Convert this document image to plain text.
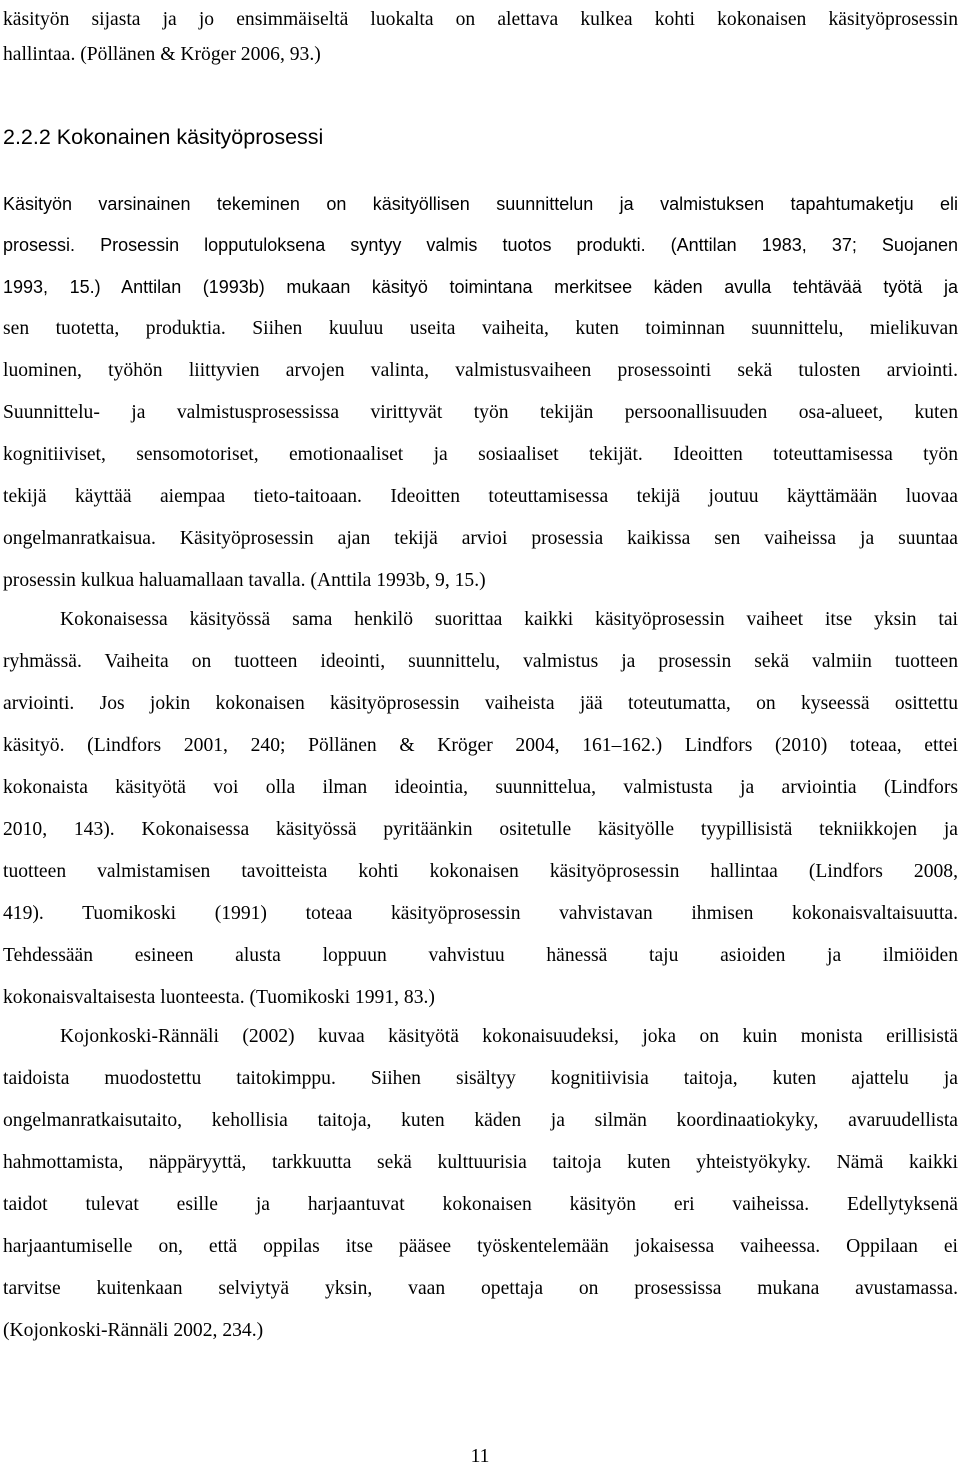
käsityön sijasta ja jo ensimmäiseltä luokalta on alettava kulkea kohti kokonaisen käsityöprosessin
hallintaa. (Pöllänen & Kröger 2006, 93.)
2.2.2 Kokonainen käsityöprosessi
Käsityön varsinainen tekeminen on käsityöllisen suunnittelun ja valmistuksen tapahtumaketju eli
prosessi. Prosessin lopputuloksena syntyy valmis tuotos produkti. (Anttilan 1983, 37; Suojanen
1993, 15.) Anttilan (1993b) mukaan käsityö toimintana merkitsee käden avulla tehtävää työtä ja
sen tuotetta, produktia. Siihen kuuluu useita vaiheita, kuten toiminnan suunnittelu, mielikuvan
luominen, työhön liittyvien arvojen valinta, valmistusvaiheen prosessointi sekä tulosten arviointi.
Suunnittelu- ja valmistusprosessissa virittyvät työn tekijän persoonallisuuden osa-alueet, kuten
kognitiiviset, sensomotoriset, emotionaaliset ja sosiaaliset tekijät. Ideoitten toteuttamisessa työn
tekijä käyttää aiempaa tieto-taitoaan. Ideoitten toteuttamisessa tekijä joutuu käyttämään luovaa
ongelmanratkaisua. Käsityöprosessin ajan tekijä arvioi prosessia kaikissa sen vaiheissa ja suuntaa
prosessin kulkua haluamallaan tavalla. (Anttila 1993b, 9, 15.)
Kokonaisessa käsityössä sama henkilö suorittaa kaikki käsityöprosessin vaiheet itse yksin tai
ryhmässä. Vaiheita on tuotteen ideointi, suunnittelu, valmistus ja prosessin sekä valmiin tuotteen
arviointi. Jos jokin kokonaisen käsityöprosessin vaiheista jää toteutumatta, on kyseessä osittettu
käsityö. (Lindfors 2001, 240; Pöllänen & Kröger 2004, 161–162.) Lindfors (2010) toteaa, ettei
kokonaista käsityötä voi olla ilman ideointia, suunnittelua, valmistusta ja arviointia (Lindfors
2010, 143). Kokonaisessa käsityössä pyritäänkin ositetulle käsityölle tyypillisistä tekniikkojen ja
tuotteen valmistamisen tavoitteista kohti kokonaisen käsityöprosessin hallintaa (Lindfors 2008,
419). Tuomikoski (1991) toteaa käsityöprosessin vahvistavan ihmisen kokonaisvaltaisuutta.
Tehdessään esineen alusta loppuun vahvistuu hänessä taju asioiden ja ilmiöiden
kokonaisvaltaisesta luonteesta. (Tuomikoski 1991, 83.)
Kojonkoski-Rännäli (2002) kuvaa käsityötä kokonaisuudeksi, joka on kuin monista erillisistä
taidoista muodostettu taitokimppu. Siihen sisältyy kognitiivisia taitoja, kuten ajattelu ja
ongelmanratkaisutaito, kehollisia taitoja, kuten käden ja silmän koordinaatiokyky, avaruudellista
hahmottamista, näppäryyttä, tarkkuutta sekä kulttuurisia taitoja kuten yhteistyökyky. Nämä kaikki
taidot tulevat esille ja harjaantuvat kokonaisen käsityön eri vaiheissa. Edellytyksenä
harjaantumiselle on, että oppilas itse pääsee työskentelemään jokaisessa vaiheessa. Oppilaan ei
tarvitse kuitenkaan selviytyä yksin, vaan opettaja on prosessissa mukana avustamassa.
(Kojonkoski-Rännäli 2002, 234.)
11
